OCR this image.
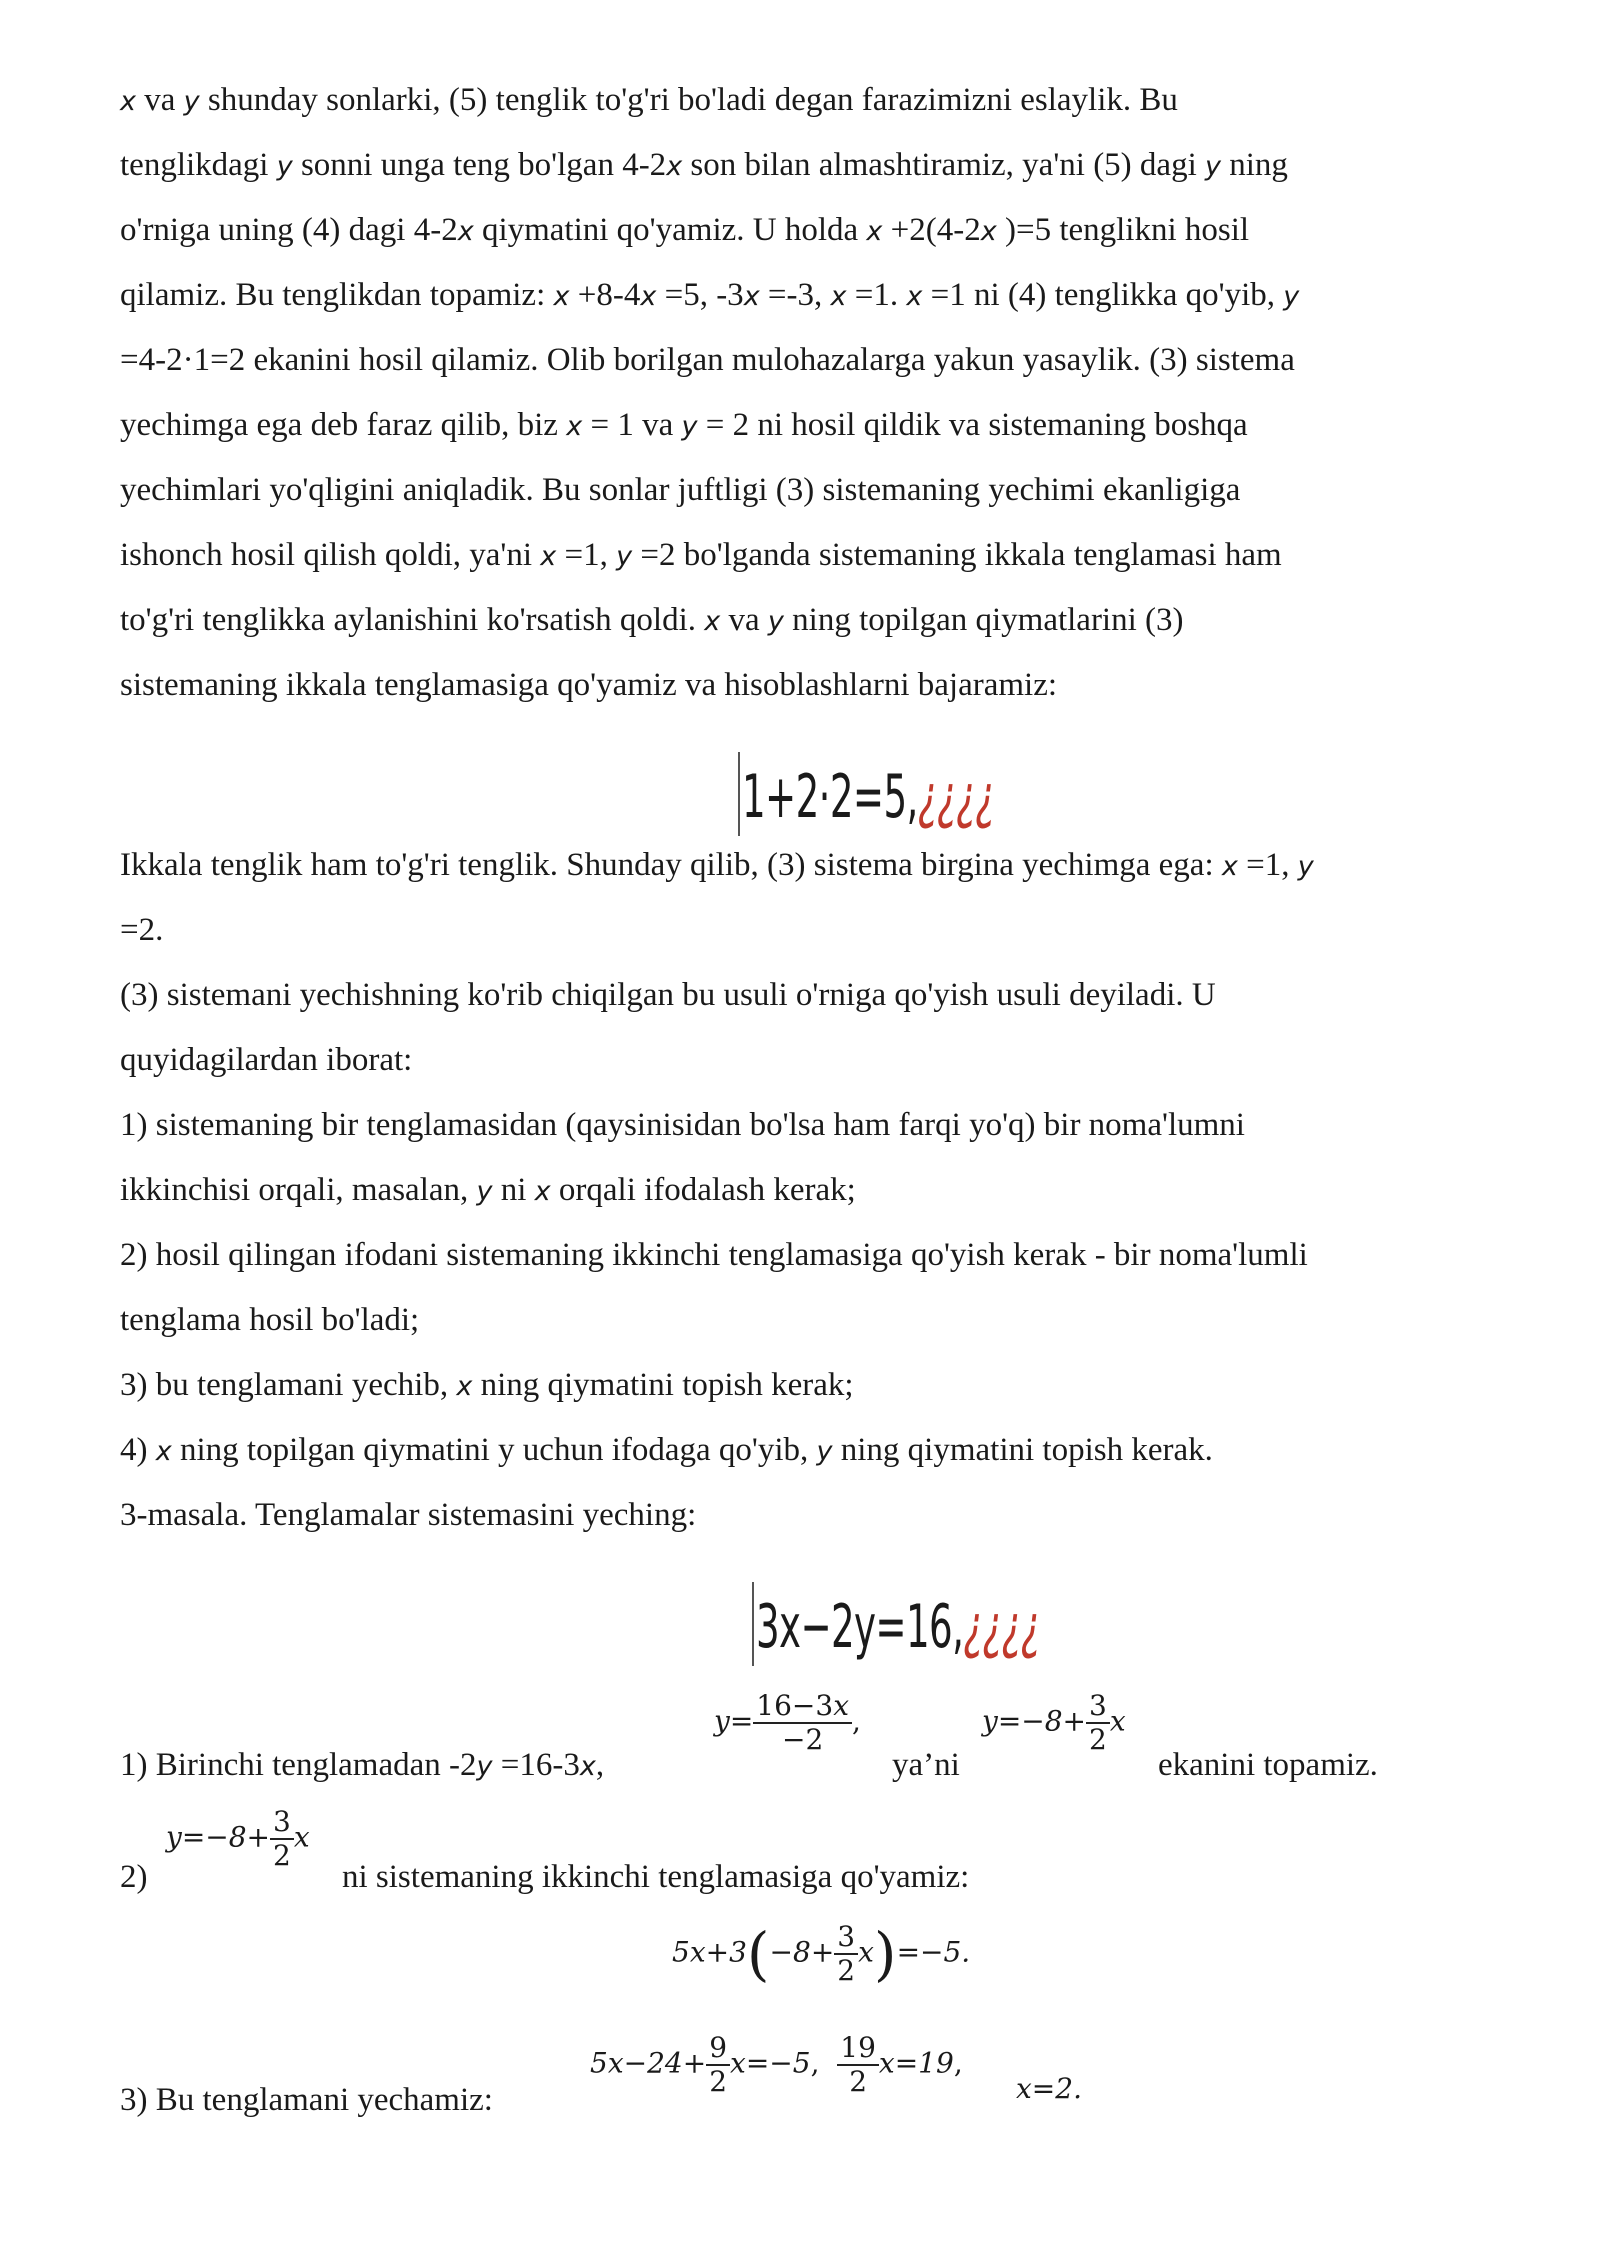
x va y shunday sonlarki, (5) tenglik to'g'ri bo'ladi degan farazimizni eslaylik. Bu
tenglikdagi y sonni unga teng bo'lgan 4-2x son bilan almashtiramiz, ya'ni (5) dagi y ning
o'rniga uning (4) dagi 4-2x qiymatini qo'yamiz. U holda x +2(4-2x )=5 tenglikni hosil
qilamiz. Bu tenglikdan topamiz: x +8-4x =5, -3x =-3, x =1. x =1 ni (4) tenglikka qo'yib, y
=4-2·1=2 ekanini hosil qilamiz. Olib borilgan mulohazalarga yakun yasaylik. (3) sistema
yechimga ega deb faraz qilib, biz x = 1 va y = 2 ni hosil qildik va sistemaning boshqa
yechimlari yo'qligini aniqladik. Bu sonlar juftligi (3) sistemaning yechimi ekanligiga
ishonch hosil qilish qoldi, ya'ni x =1, y =2 bo'lganda sistemaning ikkala tenglamasi ham
to'g'ri tenglikka aylanishini ko'rsatish qoldi. x va y ning topilgan qiymatlarini (3)
sistemaning ikkala tenglamasiga qo'yamiz va hisoblashlarni bajaramiz:
Ikkala tenglik ham to'g'ri tenglik. Shunday qilib, (3) sistema birgina yechimga ega: x =1, y
=2.
(3) sistemani yechishning ko'rib chiqilgan bu usuli o'rniga qo'yish usuli deyiladi. U
quyidagilardan iborat:
1) sistemaning bir tenglamasidan (qaysinisidan bo'lsa ham farqi yo'q) bir noma'lumni
ikkinchisi orqali, masalan, y ni x orqali ifodalash kerak;
2) hosil qilingan ifodani sistemaning ikkinchi tenglamasiga qo'yish kerak - bir noma'lumli
tenglama hosil bo'ladi;
3) bu tenglamani yechib, x ning qiymatini topish kerak;
4) x ning topilgan qiymatini y uchun ifodaga qo'yib, y ning qiymatini topish kerak.
3-masala. Tenglamalar sistemasini yeching:
1+2·2=5,¿¿¿¿
3x−2y=16,¿¿¿¿
1) Birinchi tenglamadan -2y =16-3x,
$y= \frac{16-3x}{-2}$ ,
ya’ni
$y=-8+ \frac{3}{2}$ x
ekanini topamiz.
2)
$y=-8+ \frac{3}{2}$ x
ni sistemaning ikkinchi tenglamasiga qo'yamiz:
$5x+3(-8+ \frac{3}{2} x)=-5$.
3) Bu tenglamani yechamiz:
$5x-24+ \frac{9}{2} x=-5$, $\frac{19}{2} x=19$,
x=2.
